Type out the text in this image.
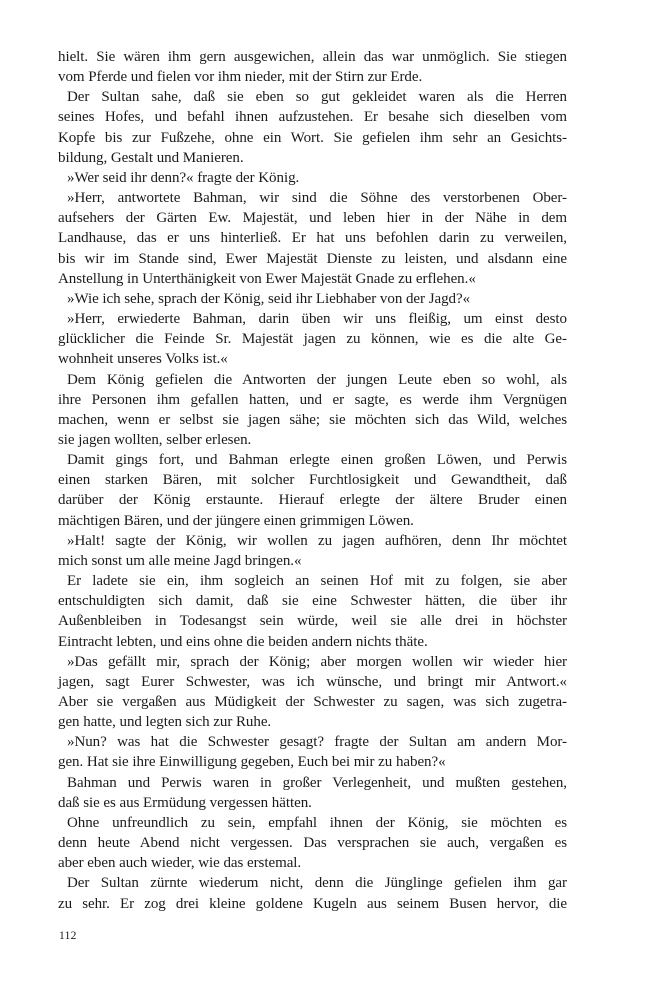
hielt. Sie wären ihm gern ausgewichen, allein das war unmöglich. Sie stiegen
vom Pferde und fielen vor ihm nieder, mit der Stirn zur Erde.
Der Sultan sahe, daß sie eben so gut gekleidet waren als die Herren
seines Hofes, und befahl ihnen aufzustehen. Er besahe sich dieselben vom
Kopfe bis zur Fußzehe, ohne ein Wort. Sie gefielen ihm sehr an Gesichts-
bildung, Gestalt und Manieren.
»Wer seid ihr denn?« fragte der König.
»Herr, antwortete Bahman, wir sind die Söhne des verstorbenen Ober-
aufsehers der Gärten Ew. Majestät, und leben hier in der Nähe in dem
Landhause, das er uns hinterließ. Er hat uns befohlen darin zu verweilen,
bis wir im Stande sind, Ewer Majestät Dienste zu leisten, und alsdann eine
Anstellung in Unterthänigkeit von Ewer Majestät Gnade zu erflehen.«
»Wie ich sehe, sprach der König, seid ihr Liebhaber von der Jagd?«
»Herr, erwiederte Bahman, darin üben wir uns fleißig, um einst desto
glücklicher die Feinde Sr. Majestät jagen zu können, wie es die alte Ge-
wohnheit unseres Volks ist.«
Dem König gefielen die Antworten der jungen Leute eben so wohl, als
ihre Personen ihm gefallen hatten, und er sagte, es werde ihm Vergnügen
machen, wenn er selbst sie jagen sähe; sie möchten sich das Wild, welches
sie jagen wollten, selber erlesen.
Damit gings fort, und Bahman erlegte einen großen Löwen, und Perwis
einen starken Bären, mit solcher Furchtlosigkeit und Gewandtheit, daß
darüber der König erstaunte. Hierauf erlegte der ältere Bruder einen
mächtigen Bären, und der jüngere einen grimmigen Löwen.
»Halt! sagte der König, wir wollen zu jagen aufhören, denn Ihr möchtet
mich sonst um alle meine Jagd bringen.«
Er ladete sie ein, ihm sogleich an seinen Hof mit zu folgen, sie aber
entschuldigten sich damit, daß sie eine Schwester hätten, die über ihr
Außenbleiben in Todesangst sein würde, weil sie alle drei in höchster
Eintracht lebten, und eins ohne die beiden andern nichts thäte.
»Das gefällt mir, sprach der König; aber morgen wollen wir wieder hier
jagen, sagt Eurer Schwester, was ich wünsche, und bringt mir Antwort.«
Aber sie vergaßen aus Müdigkeit der Schwester zu sagen, was sich zugetra-
gen hatte, und legten sich zur Ruhe.
»Nun? was hat die Schwester gesagt? fragte der Sultan am andern Mor-
gen. Hat sie ihre Einwilligung gegeben, Euch bei mir zu haben?«
Bahman und Perwis waren in großer Verlegenheit, und mußten gestehen,
daß sie es aus Ermüdung vergessen hätten.
Ohne unfreundlich zu sein, empfahl ihnen der König, sie möchten es
denn heute Abend nicht vergessen. Das versprachen sie auch, vergaßen es
aber eben auch wieder, wie das erstemal.
Der Sultan zürnte wiederum nicht, denn die Jünglinge gefielen ihm gar
zu sehr. Er zog drei kleine goldene Kugeln aus seinem Busen hervor, die
112
